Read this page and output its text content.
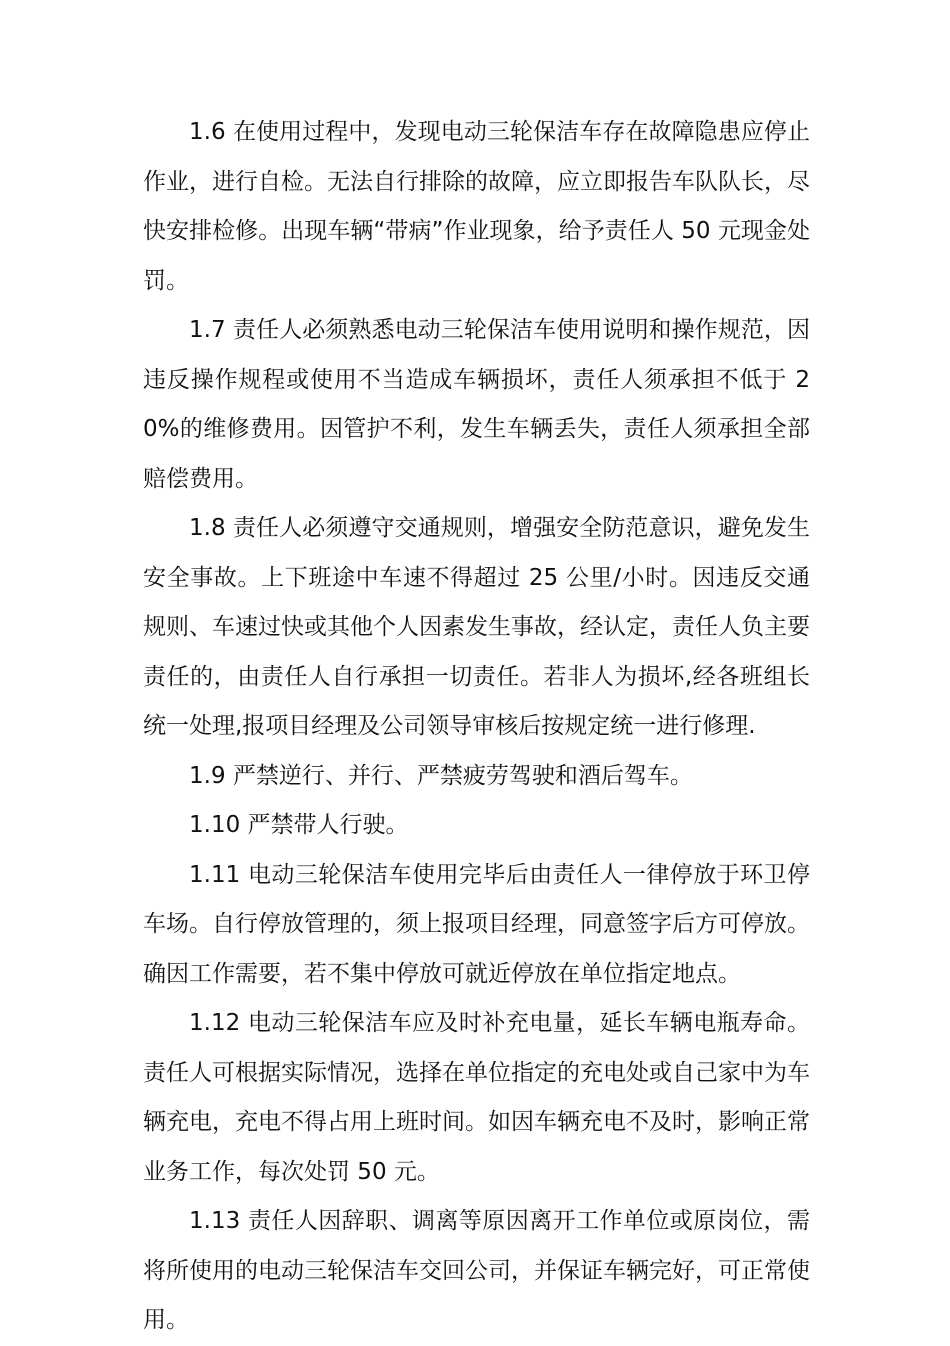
1.6 在使用过程中，发现电动三轮保洁车存在故障隐患应停止作业，进行自检。无法自行排除的故障，应立即报告车队队长，尽快安排检修。出现车辆“带病”作业现象，给予责任人 50 元现金处罚。

1.7 责任人必须熟悉电动三轮保洁车使用说明和操作规范，因违反操作规程或使用不当造成车辆损坏，责任人须承担不低于 20%的维修费用。因管护不利，发生车辆丢失，责任人须承担全部赔偿费用。

1.8 责任人必须遵守交通规则，增强安全防范意识，避免发生安全事故。上下班途中车速不得超过 25 公里/小时。因违反交通规则、车速过快或其他个人因素发生事故，经认定，责任人负主要责任的，由责任人自行承担一切责任。若非人为损坏,经各班组长统一处理,报项目经理及公司领导审核后按规定统一进行修理.

1.9 严禁逆行、并行、严禁疲劳驾驶和酒后驾车。

1.10 严禁带人行驶。

1.11 电动三轮保洁车使用完毕后由责任人一律停放于环卫停车场。自行停放管理的，须上报项目经理，同意签字后方可停放。确因工作需要，若不集中停放可就近停放在单位指定地点。

1.12 电动三轮保洁车应及时补充电量，延长车辆电瓶寿命。责任人可根据实际情况，选择在单位指定的充电处或自己家中为车辆充电，充电不得占用上班时间。如因车辆充电不及时，影响正常业务工作，每次处罚 50 元。

1.13 责任人因辞职、调离等原因离开工作单位或原岗位，需将所使用的电动三轮保洁车交回公司，并保证车辆完好，可正常使用。
